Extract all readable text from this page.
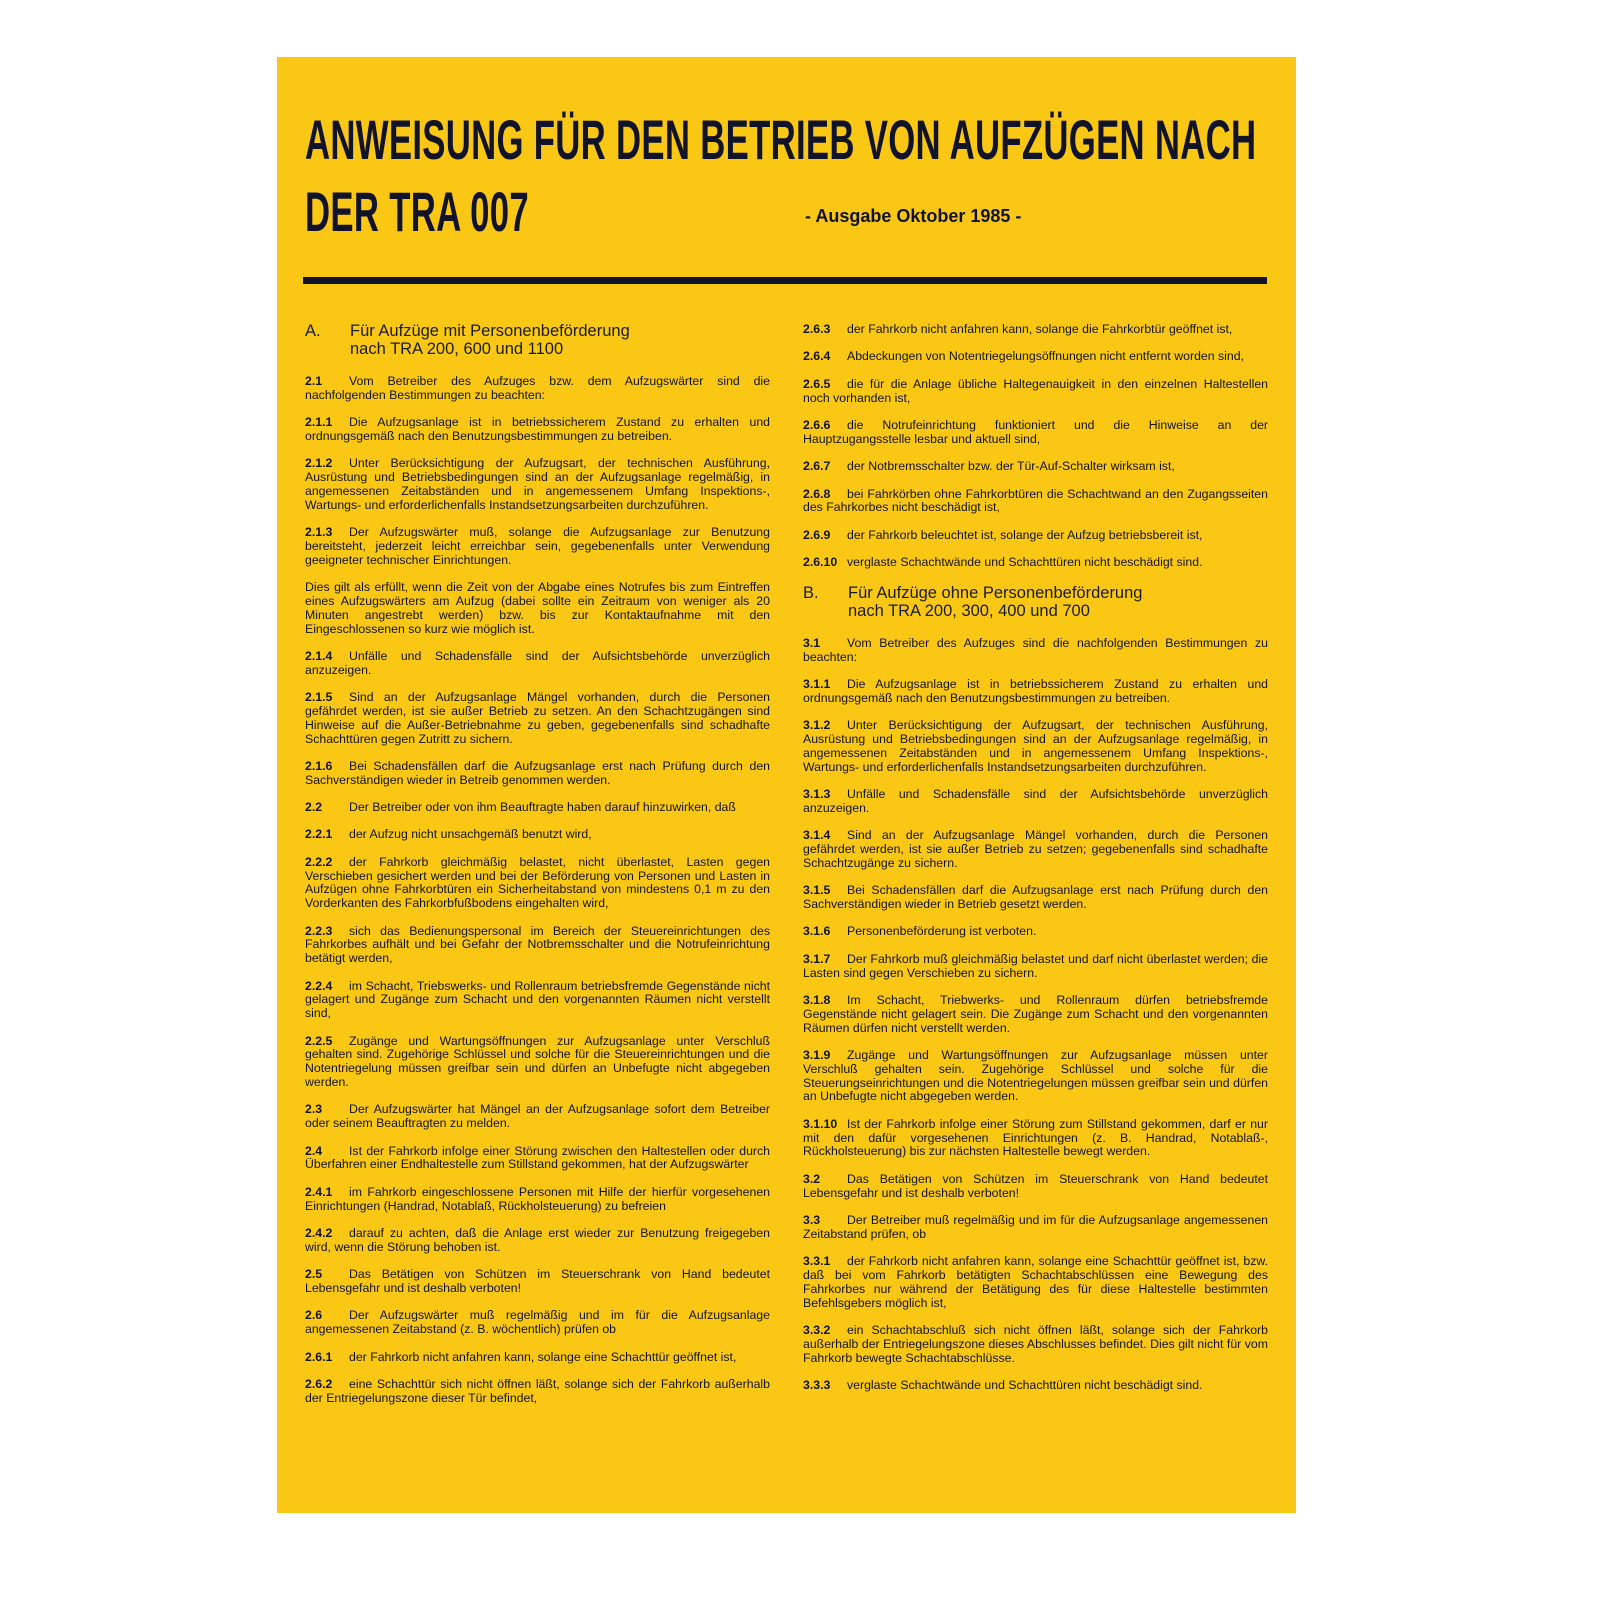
ANWEISUNG FÜR DEN BETRIEB VON AUFZÜGEN NACH
DER TRA 007	- Ausgabe Oktober 1985 -
A.	Für Aufzüge mit Personenbeförderung
nach TRA 200, 600 und 1100

2.1 Vom Betreiber des Aufzuges bzw. dem Aufzugswärter sind die nachfolgenden Bestimmungen zu beachten:

2.1.1 Die Aufzugsanlage ist in betriebssicherem Zustand zu erhalten und ordnungsgemäß nach den Benutzungsbestimmungen zu betreiben.

2.1.2 Unter Berücksichtigung der Aufzugsart, der technischen Ausführung, Ausrüstung und Betriebsbedingungen sind an der Aufzugsanlage regelmäßig, in angemessenen Zeitabständen und in angemessenem Umfang Inspektions-, Wartungs- und erforderlichenfalls Instandsetzungsarbeiten durchzuführen.

2.1.3 Der Aufzugswärter muß, solange die Aufzugsanlage zur Benutzung bereitsteht, jederzeit leicht erreichbar sein, gegebenenfalls unter Verwendung geeigneter technischer Einrichtungen.

Dies gilt als erfüllt, wenn die Zeit von der Abgabe eines Notrufes bis zum Eintreffen eines Aufzugswärters am Aufzug (dabei sollte ein Zeitraum von weniger als 20 Minuten angestrebt werden) bzw. bis zur Kontaktaufnahme mit den Eingeschlossenen so kurz wie möglich ist.

2.1.4 Unfälle und Schadensfälle sind der Aufsichtsbehörde unverzüglich anzuzeigen.

2.1.5 Sind an der Aufzugsanlage Mängel vorhanden, durch die Personen gefährdet werden, ist sie außer Betrieb zu setzen. An den Schachtzugängen sind Hinweise auf die Außer-Betriebnahme zu geben, gegebenenfalls sind schadhafte Schachttüren gegen Zutritt zu sichern.

2.1.6 Bei Schadensfällen darf die Aufzugsanlage erst nach Prüfung durch den Sachverständigen wieder in Betreib genommen werden.

2.2 Der Betreiber oder von ihm Beauftragte haben darauf hinzuwirken, daß

2.2.1 der Aufzug nicht unsachgemäß benutzt wird,

2.2.2 der Fahrkorb gleichmäßig belastet, nicht überlastet, Lasten gegen Verschieben gesichert werden und bei der Beförderung von Personen und Lasten in Aufzügen ohne Fahrkorbtüren ein Sicherheitabstand von mindestens 0,1 m zu den Vorderkanten des Fahrkorbfußbodens eingehalten wird,

2.2.3 sich das Bedienungspersonal im Bereich der Steuereinrichtungen des Fahrkorbes aufhält und bei Gefahr der Notbremsschalter und die Notrufeinrichtung betätigt werden,

2.2.4 im Schacht, Triebswerks- und Rollenraum betriebsfremde Gegenstände nicht gelagert und Zugänge zum Schacht und den vorgenannten Räumen nicht verstellt sind,

2.2.5 Zugänge und Wartungsöffnungen zur Aufzugsanlage unter Verschluß gehalten sind. Zugehörige Schlüssel und solche für die Steuereinrichtungen und die Notentriegelung müssen greifbar sein und dürfen an Unbefugte nicht abgegeben werden.

2.3 Der Aufzugswärter hat Mängel an der Aufzugsanlage sofort dem Betreiber oder seinem Beauftragten zu melden.

2.4 Ist der Fahrkorb infolge einer Störung zwischen den Haltestellen oder durch Überfahren einer Endhaltestelle zum Stillstand gekommen, hat der Aufzugswärter

2.4.1 im Fahrkorb eingeschlossene Personen mit Hilfe der hierfür vorgesehenen Einrichtungen (Handrad, Notablaß, Rückholsteuerung) zu befreien

2.4.2 darauf zu achten, daß die Anlage erst wieder zur Benutzung freigegeben wird, wenn die Störung behoben ist.

2.5 Das Betätigen von Schützen im Steuerschrank von Hand bedeutet Lebensgefahr und ist deshalb verboten!

2.6 Der Aufzugswärter muß regelmäßig und im für die Aufzugsanlage angemessenen Zeitabstand (z. B. wöchentlich) prüfen ob

2.6.1 der Fahrkorb nicht anfahren kann, solange eine Schachttür geöffnet ist,

2.6.2 eine Schachttür sich nicht öffnen läßt, solange sich der Fahrkorb außerhalb der Entriegelungszone dieser Tür befindet,

2.6.3 der Fahrkorb nicht anfahren kann, solange die Fahrkorbtür geöffnet ist,

2.6.4 Abdeckungen von Notentriegelungsöffnungen nicht entfernt worden sind,

2.6.5 die für die Anlage übliche Haltegenauigkeit in den einzelnen Haltestellen noch vorhanden ist,

2.6.6 die Notrufeinrichtung funktioniert und die Hinweise an der Hauptzugangsstelle lesbar und aktuell sind,

2.6.7 der Notbremsschalter bzw. der Tür-Auf-Schalter wirksam ist,

2.6.8 bei Fahrkörben ohne Fahrkorbtüren die Schachtwand an den Zugangsseiten des Fahrkorbes nicht beschädigt ist,

2.6.9 der Fahrkorb beleuchtet ist, solange der Aufzug betriebsbereit ist,

2.6.10 verglaste Schachtwände und Schachttüren nicht beschädigt sind.

B.	Für Aufzüge ohne Personenbeförderung
nach TRA 200, 300, 400 und 700

3.1 Vom Betreiber des Aufzuges sind die nachfolgenden Bestimmungen zu beachten:

3.1.1 Die Aufzugsanlage ist in betriebssicherem Zustand zu erhalten und ordnungsgemäß nach den Benutzungsbestimmungen zu betreiben.

3.1.2 Unter Berücksichtigung der Aufzugsart, der technischen Ausführung, Ausrüstung und Betriebsbedingungen sind an der Aufzugsanlage regelmäßig, in angemessenen Zeitabständen und in angemessenem Umfang Inspektions-, Wartungs- und erforderlichenfalls Instandsetzungsarbeiten durchzuführen.

3.1.3 Unfälle und Schadensfälle sind der Aufsichtsbehörde unverzüglich anzuzeigen.

3.1.4 Sind an der Aufzugsanlage Mängel vorhanden, durch die Personen gefährdet werden, ist sie außer Betrieb zu setzen; gegebenenfalls sind schadhafte Schachtzugänge zu sichern.

3.1.5 Bei Schadensfällen darf die Aufzugsanlage erst nach Prüfung durch den Sachverständigen wieder in Betrieb gesetzt werden.

3.1.6 Personenbeförderung ist verboten.

3.1.7 Der Fahrkorb muß gleichmäßig belastet und darf nicht überlastet werden; die Lasten sind gegen Verschieben zu sichern.

3.1.8 Im Schacht, Triebwerks- und Rollenraum dürfen betriebsfremde Gegenstände nicht gelagert sein. Die Zugänge zum Schacht und den vorgenannten Räumen dürfen nicht verstellt werden.

3.1.9 Zugänge und Wartungsöffnungen zur Aufzugsanlage müssen unter Verschluß gehalten sein. Zugehörige Schlüssel und solche für die Steuerungseinrichtungen und die Notentriegelungen müssen greifbar sein und dürfen an Unbefugte nicht abgegeben werden.

3.1.10 Ist der Fahrkorb infolge einer Störung zum Stillstand gekommen, darf er nur mit den dafür vorgesehenen Einrichtungen (z. B. Handrad, Notablaß-, Rückholsteuerung) bis zur nächsten Haltestelle bewegt werden.

3.2 Das Betätigen von Schützen im Steuerschrank von Hand bedeutet Lebensgefahr und ist deshalb verboten!

3.3 Der Betreiber muß regelmäßig und im für die Aufzugsanlage angemessenen Zeitabstand prüfen, ob

3.3.1 der Fahrkorb nicht anfahren kann, solange eine Schachttür geöffnet ist, bzw. daß bei vom Fahrkorb betätigten Schachtabschlüssen eine Bewegung des Fahrkorbes nur während der Betätigung des für diese Haltestelle bestimmten Befehlsgebers möglich ist,

3.3.2 ein Schachtabschluß sich nicht öffnen läßt, solange sich der Fahrkorb außerhalb der Entriegelungszone dieses Abschlusses befindet. Dies gilt nicht für vom Fahrkorb bewegte Schachtabschlüsse.

3.3.3 verglaste Schachtwände und Schachttüren nicht beschädigt sind.
